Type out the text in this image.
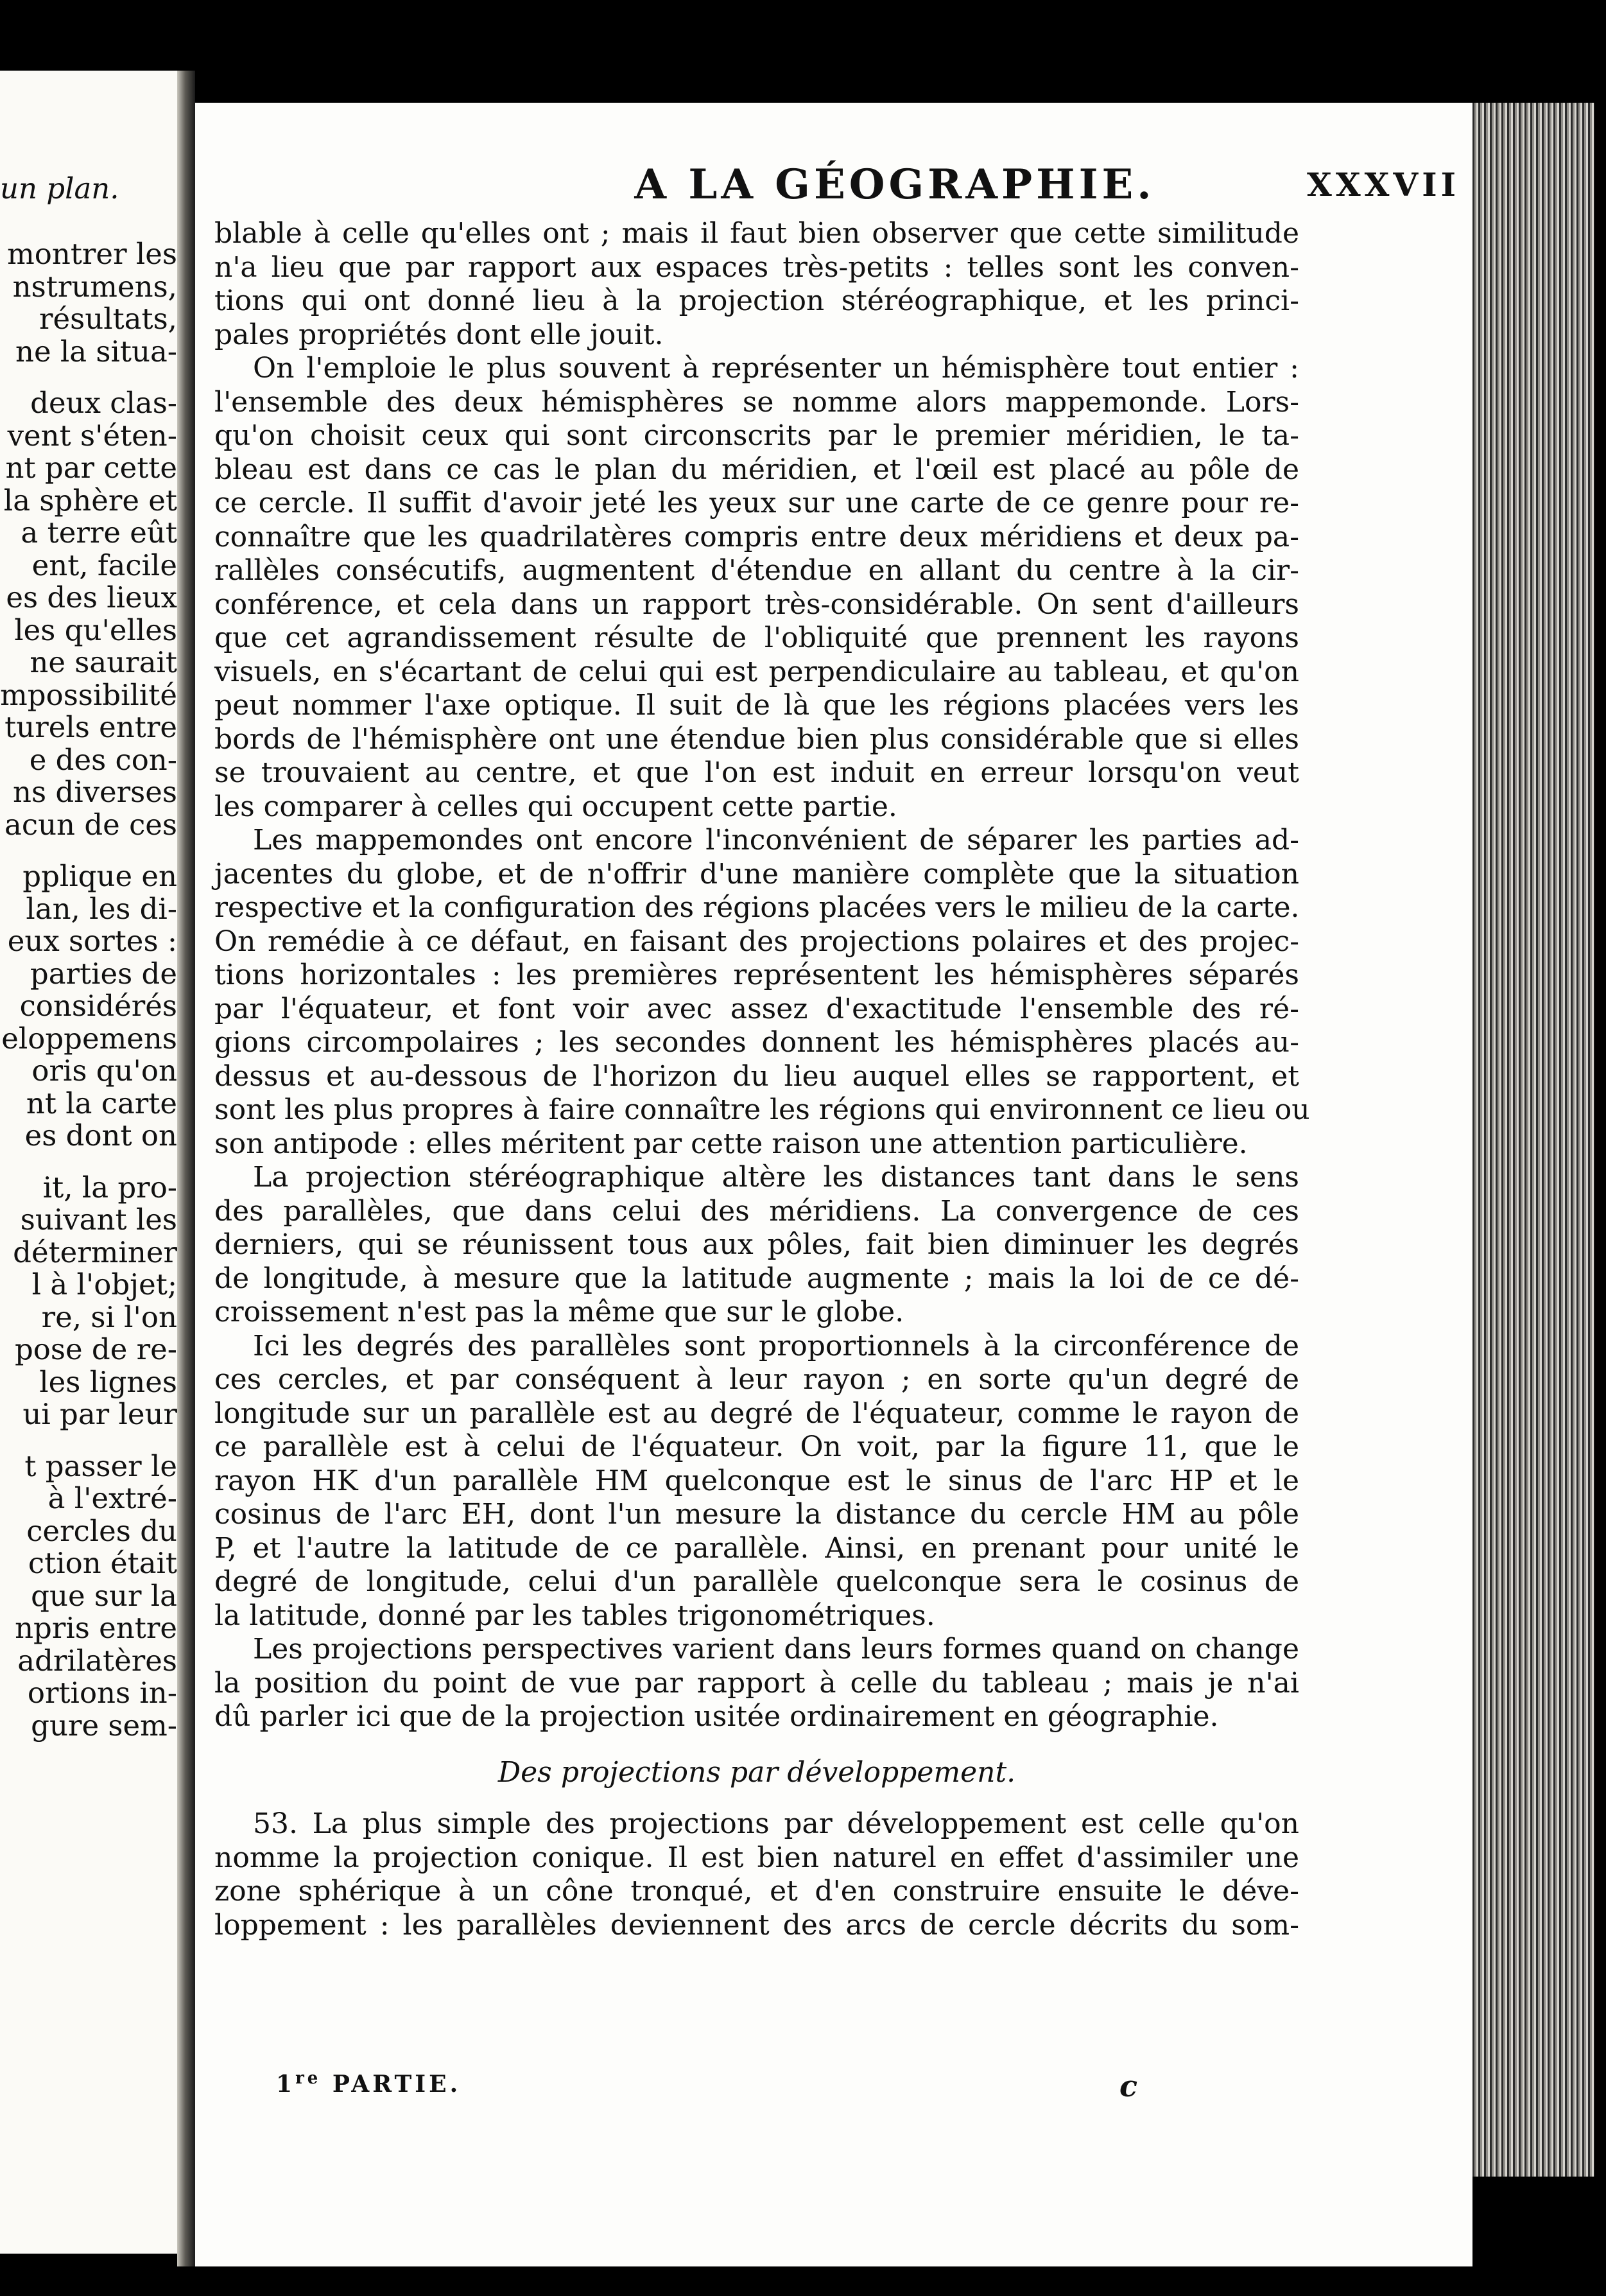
un plan.
montrer les
nstrumens,
résultats,
ne la situa-
deux clas-
vent s'éten-
nt par cette
la sphère et
a terre eût
ent, facile
es des lieux
les qu'elles
ne saurait
mpossibilité
turels entre
e des con-
ns diverses
acun de ces
pplique en
lan, les di-
eux sortes :
parties de
considérés
eloppemens
oris qu'on
nt la carte
es dont on
it, la pro-
suivant les
déterminer
l à l'objet;
re, si l'on
pose de re-
les lignes
ui par leur
t passer le
à l'extré-
cercles du
ction était
que sur la
npris entre
adrilatères
ortions in-
gure sem-
A LA GÉOGRAPHIE.	XXXVII
blable à celle qu'elles ont ; mais il faut bien observer que cette similitude
n'a lieu que par rapport aux espaces très-petits : telles sont les conven-
tions qui ont donné lieu à la projection stéréographique, et les princi-
pales propriétés dont elle jouit.
On l'emploie le plus souvent à représenter un hémisphère tout entier :
l'ensemble des deux hémisphères se nomme alors mappemonde. Lors-
qu'on choisit ceux qui sont circonscrits par le premier méridien, le ta-
bleau est dans ce cas le plan du méridien, et l'œil est placé au pôle de
ce cercle. Il suffit d'avoir jeté les yeux sur une carte de ce genre pour re-
connaître que les quadrilatères compris entre deux méridiens et deux pa-
rallèles consécutifs, augmentent d'étendue en allant du centre à la cir-
conférence, et cela dans un rapport très-considérable. On sent d'ailleurs
que cet agrandissement résulte de l'obliquité que prennent les rayons
visuels, en s'écartant de celui qui est perpendiculaire au tableau, et qu'on
peut nommer l'axe optique. Il suit de là que les régions placées vers les
bords de l'hémisphère ont une étendue bien plus considérable que si elles
se trouvaient au centre, et que l'on est induit en erreur lorsqu'on veut
les comparer à celles qui occupent cette partie.
Les mappemondes ont encore l'inconvénient de séparer les parties ad-
jacentes du globe, et de n'offrir d'une manière complète que la situation
respective et la configuration des régions placées vers le milieu de la carte.
On remédie à ce défaut, en faisant des projections polaires et des projec-
tions horizontales : les premières représentent les hémisphères séparés
par l'équateur, et font voir avec assez d'exactitude l'ensemble des ré-
gions circompolaires ; les secondes donnent les hémisphères placés au-
dessus et au-dessous de l'horizon du lieu auquel elles se rapportent, et
sont les plus propres à faire connaître les régions qui environnent ce lieu ou
son antipode : elles méritent par cette raison une attention particulière.
La projection stéréographique altère les distances tant dans le sens
des parallèles, que dans celui des méridiens. La convergence de ces
derniers, qui se réunissent tous aux pôles, fait bien diminuer les degrés
de longitude, à mesure que la latitude augmente ; mais la loi de ce dé-
croissement n'est pas la même que sur le globe.
Ici les degrés des parallèles sont proportionnels à la circonférence de
ces cercles, et par conséquent à leur rayon ; en sorte qu'un degré de
longitude sur un parallèle est au degré de l'équateur, comme le rayon de
ce parallèle est à celui de l'équateur. On voit, par la figure 11, que le
rayon HK d'un parallèle HM quelconque est le sinus de l'arc HP et le
cosinus de l'arc EH, dont l'un mesure la distance du cercle HM au pôle
P, et l'autre la latitude de ce parallèle. Ainsi, en prenant pour unité le
degré de longitude, celui d'un parallèle quelconque sera le cosinus de
la latitude, donné par les tables trigonométriques.
Les projections perspectives varient dans leurs formes quand on change
la position du point de vue par rapport à celle du tableau ; mais je n'ai
dû parler ici que de la projection usitée ordinairement en géographie.
Des projections par développement.
53. La plus simple des projections par développement est celle qu'on
nomme la projection conique. Il est bien naturel en effet d'assimiler une
zone sphérique à un cône tronqué, et d'en construire ensuite le déve-
loppement : les parallèles deviennent des arcs de cercle décrits du som-
1re PARTIE.	c
